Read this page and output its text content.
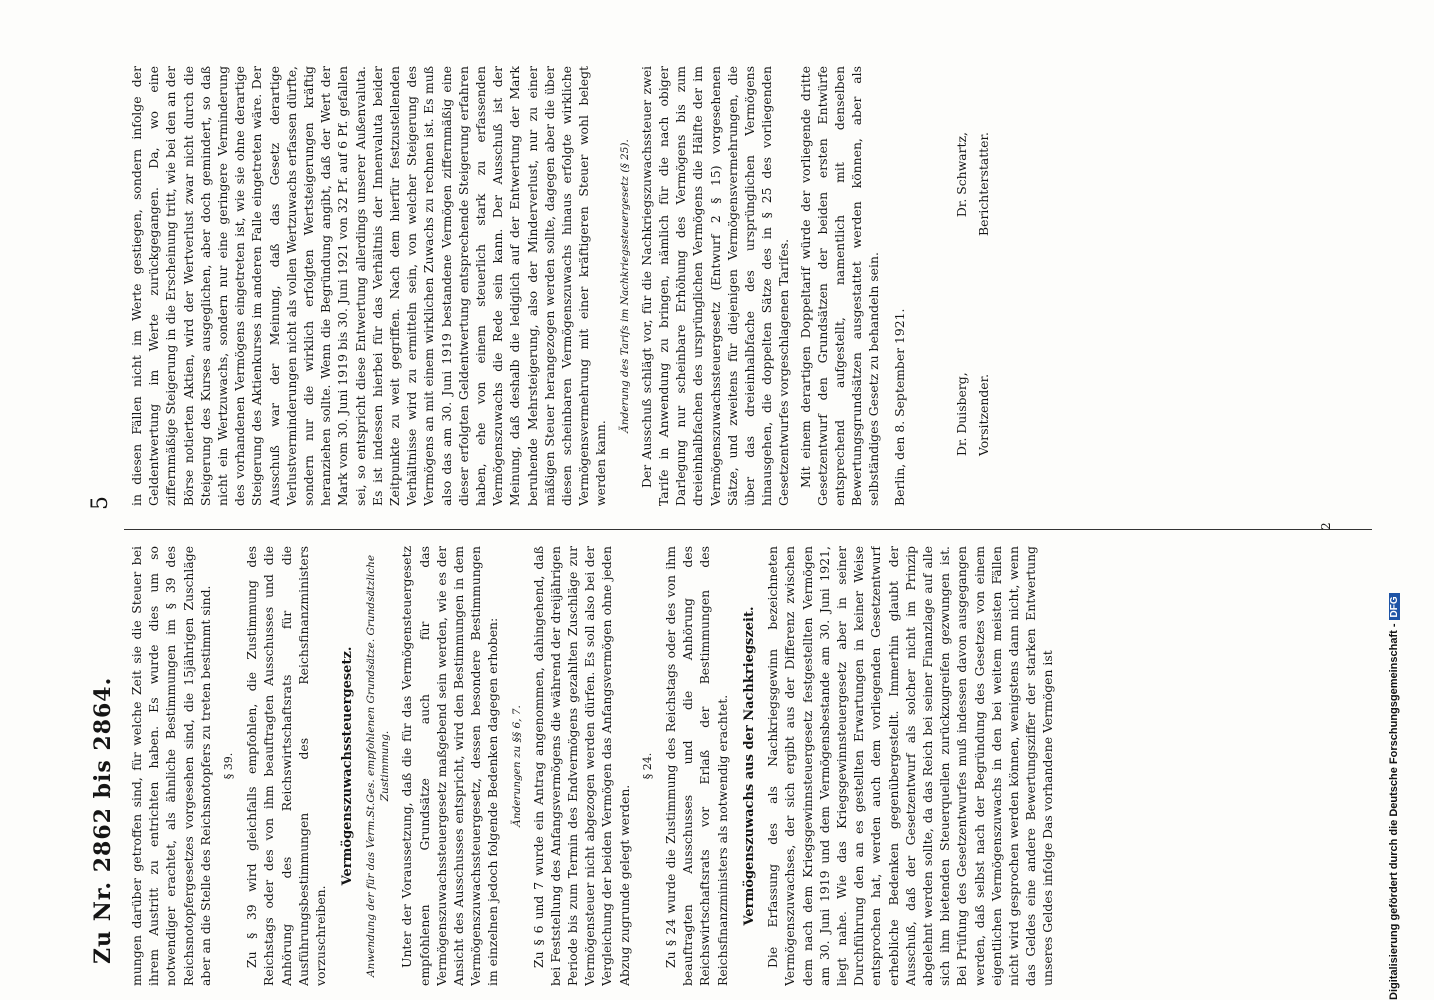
Zu Nr. 2862 bis 2864.
5

mungen darüber getroffen sind, für welche Zeit sie die Steuer bei ihrem Austritt zu entrichten haben. Es wurde dies um so notwendiger erachtet, als ähnliche Bestimmungen im § 39 des Reichsnotopfergesetzes vorgesehen sind, die 15jährigen Zuschläge aber an die Stelle des Reichsnotopfers zu treten bestimmt sind. § 39. Zu § 39 wird gleichfalls empfohlen, die Zustimmung des Reichstags oder des von ihm beauftragten Ausschusses und die Anhörung des Reichswirtschaftsrats für die Ausführungsbestimmungen des Reichsfinanzministers vorzuschreiben.

Vermögenszuwachssteuergesetz. Anwendung der für das Verm.St.Ges. empfohlenen Grundsätze. Grundsätzliche Zustimmung. Unter der Voraussetzung, daß die für das Vermögensteuergesetz empfohlenen Grundsätze auch für das Vermögenszuwachssteuergesetz maßgebend sein werden, wie es der Ansicht des Ausschusses entspricht, wird den Bestimmungen in dem Vermögenszuwachssteuergesetz, dessen besondere Bestimmungen im einzelnen jedoch folgende Bedenken dagegen erhoben: Änderungen zu §§ 6, 7. Zu § 6 und 7 wurde ein Antrag angenommen, dahingehend, daß bei Feststellung des Anfangsvermögens die während der dreijährigen Periode bis zum Termin des Endvermögens gezahlten Zuschläge zur Vermögensteuer nicht abgezogen werden dürfen. Es soll also bei der Vergleichung der beiden Vermögen das Anfangsvermögen ohne jeden Abzug zugrunde gelegt werden.

§ 24. Zu § 24 wurde die Zustimmung des Reichstags oder des von ihm beauftragten Ausschusses und die Anhörung des Reichswirtschaftsrats vor Erlaß der Bestimmungen des Reichsfinanzministers als notwendig erachtet. Vermögenszuwachs aus der Nachkriegszeit. Die Erfassung des als Nachkriegsgewinn bezeichneten Vermögenszuwachses, der sich ergibt aus der Differenz zwischen dem nach dem Kriegsgewinnsteuergesetz festgestellten Vermögen am 30. Juni 1919 und dem Vermögensbestande am 30. Juni 1921, liegt nahe. Wie das Kriegsgewinnsteuergesetz aber in seiner Durchführung den an es gestellten Erwartungen in keiner Weise entsprochen hat, werden auch dem vorliegenden Gesetzentwurf erhebliche Bedenken gegenübergestellt. Immerhin glaubt der Ausschuß, daß der Gesetzentwurf als solcher nicht im Prinzip abgelehnt werden sollte, da das Reich bei seiner Finanzlage auf alle sich ihm bietenden Steuerquellen zurückzugreifen gezwungen ist. Bei Prüfung des Gesetzentwurfes muß indessen davon ausgegangen werden, daß selbst nach der Begründung des Gesetzes von einem eigentlichen Vermögenszuwachs in den bei weitem meisten Fällen nicht wird gesprochen werden können, wenigstens dann nicht, wenn das Geldes eine andere Bewertungsziffer der starken Entwertung unseres Geldes infolge Das vorhandene Vermögen ist

in diesen Fällen nicht im Werte gestiegen, sondern infolge der Geldentwertung im Werte zurückgegangen. Da, wo eine ziffernmäßige Steigerung in die Erscheinung tritt, wie bei den an der Börse notierten Aktien, wird der Wertverlust zwar nicht durch die Steigerung des Kurses ausgeglichen, aber doch gemindert, so daß nicht ein Wertzuwachs, sondern nur eine geringere Verminderung des vorhandenen Vermögens eingetreten ist, wie sie ohne derartige Steigerung des Aktienkurses im anderen Falle eingetreten wäre. Der Ausschuß war der Meinung, daß das Gesetz derartige Verlustverminderungen nicht als vollen Wertzuwachs erfassen dürfte, sondern nur die wirklich erfolgten Wertsteigerungen kräftig heranziehen sollte. Wenn die Begründung angibt, daß der Wert der Mark vom 30. Juni 1919 bis 30. Juni 1921 von 32 Pf. auf 6 Pf. gefallen sei, so entspricht diese Entwertung allerdings unserer Außenvaluta. Es ist indessen hierbei für das Verhältnis der Innenvaluta beider Zeitpunkte zu weit gegriffen. Nach dem hierfür festzustellenden Verhältnisse wird zu ermitteln sein, von welcher Steigerung des Vermögens an mit einem wirklichen Zuwachs zu rechnen ist. Es muß also das am 30. Juni 1919 bestandene Vermögen ziffernmäßig eine dieser erfolgten Geldentwertung entsprechende Steigerung erfahren haben, ehe von einem steuerlich stark zu erfassenden Vermögenszuwachs die Rede sein kann. Der Ausschuß ist der Meinung, daß deshalb die lediglich auf der Entwertung der Mark beruhende Mehrsteigerung, also der Minderverlust, nur zu einer mäßigen Steuer herangezogen werden sollte, dagegen aber die über diesen scheinbaren Vermögenszuwachs hinaus erfolgte wirkliche Vermögensvermehrung mit einer kräftigeren Steuer wohl belegt werden kann.

Änderung des Tarifs im Nachkriegssteuergesetz (§ 25). Der Ausschuß schlägt vor, für die Nachkriegszuwachssteuer zwei Tarife in Anwendung zu bringen, nämlich für die nach obiger Darlegung nur scheinbare Erhöhung des Vermögens bis zum dreieinhalbfachen des ursprünglichen Vermögens die Hälfte der im Vermögenszuwachssteuergesetz (Entwurf 2 § 15) vorgesehenen Sätze, und zweitens für diejenigen Vermögensvermehrungen, die über das dreieinhalbfache des ursprünglichen Vermögens hinausgehen, die doppelten Sätze des in § 25 des vorliegenden Gesetzentwurfes vorgeschlagenen Tarifes. Mit einem derartigen Doppeltarif würde der vorliegende dritte Gesetzentwurf den Grundsätzen der beiden ersten Entwürfe entsprechend aufgestellt, namentlich mit denselben Bewertungsgrundsätzen ausgestattet werden können, aber als selbständiges Gesetz zu behandeln sein. Berlin, den 8. September 1921.	Dr. Duisberg, Vorsitzender.
Dr. Schwartz, Berichterstatter.
2
Digitalisierung gefördert durch die Deutsche Forschungsgemeinschaft -DFG
